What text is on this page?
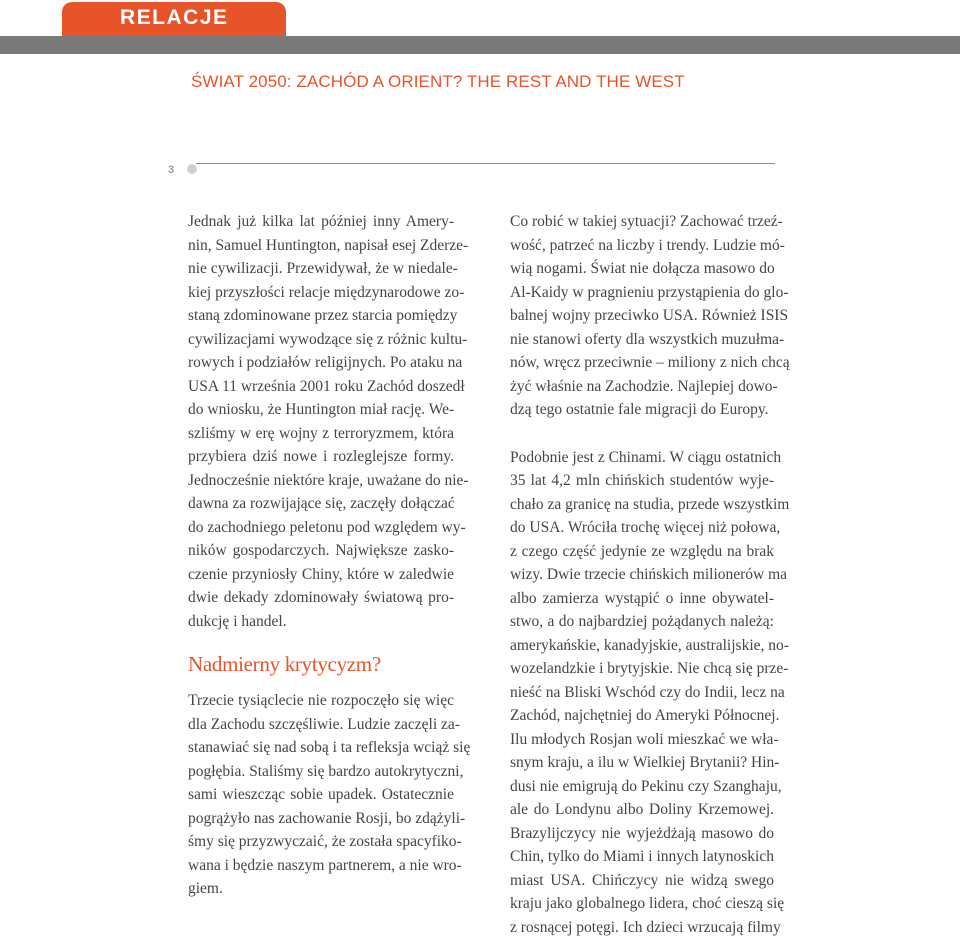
RELACJE
ŚWIAT 2050: ZACHÓD A ORIENT? THE REST AND THE WEST
3

Jednak już kilka lat później inny Amery-
nin, Samuel Huntington, napisał esej Zderze-
nie cywilizacji. Przewidywał, że w niedale-
kiej przyszłości relacje międzynarodowe zo-
staną zdominowane przez starcia pomiędzy
cywilizacjami wywodzące się z różnic kultu-
rowych i podziałów religijnych. Po ataku na
USA 11 września 2001 roku Zachód doszedł
do wniosku, że Huntington miał rację. We-
szliśmy w erę wojny z terroryzmem, która
przybiera dziś nowe i rozleglejsze formy.
Jednocześnie niektóre kraje, uważane do nie-
dawna za rozwijające się, zaczęły dołączać
do zachodniego peletonu pod względem wy-
ników gospodarczych. Największe zasko-
czenie przyniosły Chiny, które w zaledwie
dwie dekady zdominowały światową pro-
dukcję i handel.

Nadmierny krytycyzm?

Trzecie tysiąclecie nie rozpoczęło się więc
dla Zachodu szczęśliwie. Ludzie zaczęli za-
stanawiać się nad sobą i ta refleksja wciąż się
pogłębia. Staliśmy się bardzo autokrytyczni,
sami wieszcząc sobie upadek. Ostatecznie
pogrążyło nas zachowanie Rosji, bo zdążyli-
śmy się przyzwyczaić, że została spacyfiko-
wana i będzie naszym partnerem, a nie wro-
giem.

Co robić w takiej sytuacji? Zachować trzeź-
wość, patrzeć na liczby i trendy. Ludzie mó-
wią nogami. Świat nie dołącza masowo do
Al-Kaidy w pragnieniu przystąpienia do glo-
balnej wojny przeciwko USA. Również ISIS
nie stanowi oferty dla wszystkich muzułma-
nów, wręcz przeciwnie – miliony z nich chcą
żyć właśnie na Zachodzie. Najlepiej dowo-
dzą tego ostatnie fale migracji do Europy.

Podobnie jest z Chinami. W ciągu ostatnich
35 lat 4,2 mln chińskich studentów wyje-
chało za granicę na studia, przede wszystkim
do USA. Wróciła trochę więcej niż połowa,
z czego część jedynie ze względu na brak
wizy. Dwie trzecie chińskich milionerów ma
albo zamierza wystąpić o inne obywatel-
stwo, a do najbardziej pożądanych należą:
amerykańskie, kanadyjskie, australijskie, no-
wozelandzkie i brytyjskie. Nie chcą się prze-
nieść na Bliski Wschód czy do Indii, lecz na
Zachód, najchętniej do Ameryki Północnej.
Ilu młodych Rosjan woli mieszkać we wła-
snym kraju, a ilu w Wielkiej Brytanii? Hin-
dusi nie emigrują do Pekinu czy Szanghaju,
ale do Londynu albo Doliny Krzemowej.
Brazylijczycy nie wyjeżdżają masowo do
Chin, tylko do Miami i innych latynoskich
miast USA. Chińczycy nie widzą swego
kraju jako globalnego lidera, choć cieszą się
z rosnącej potęgi. Ich dzieci wrzucają filmy
